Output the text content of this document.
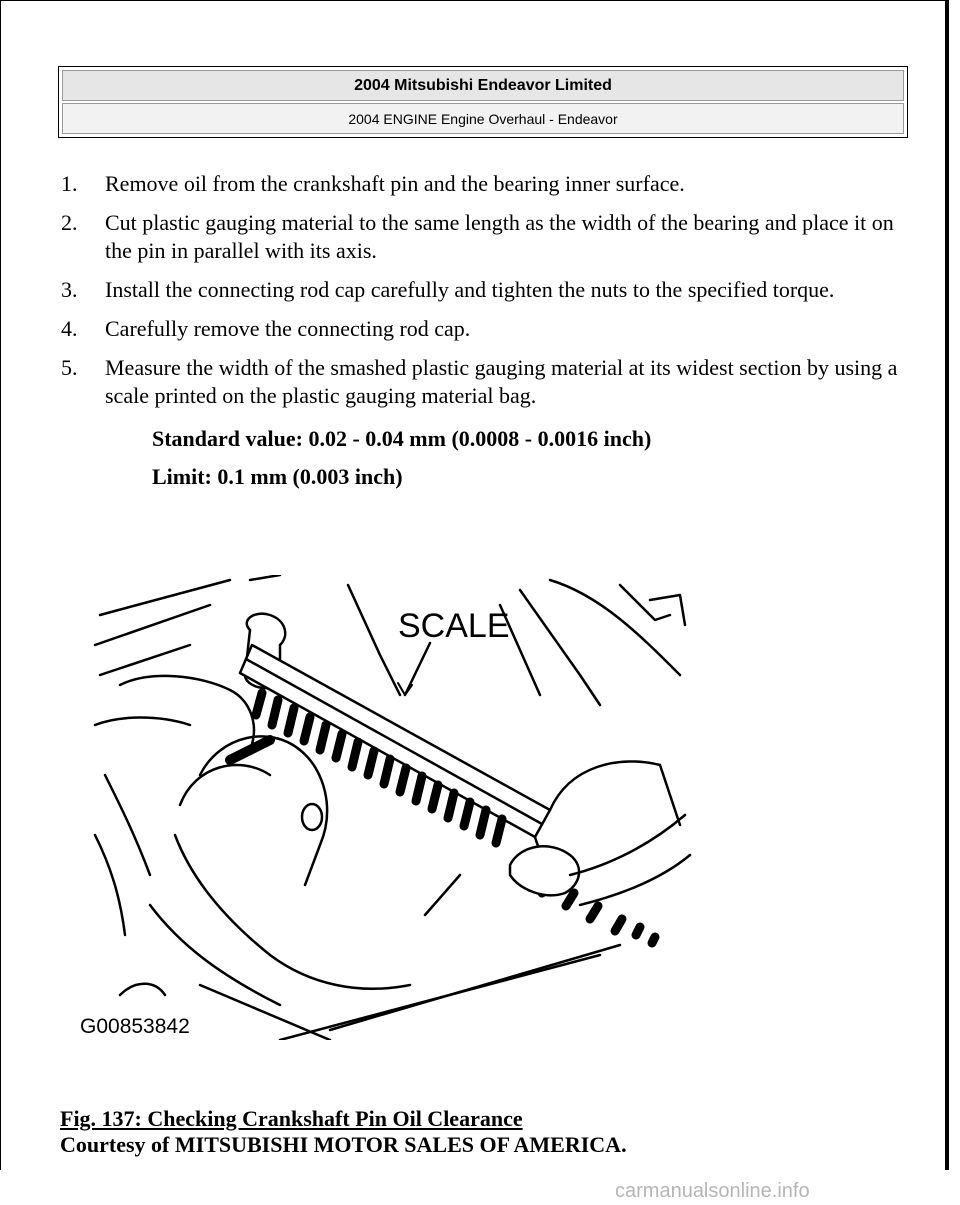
2004 Mitsubishi Endeavor Limited
2004 ENGINE Engine Overhaul - Endeavor
1. Remove oil from the crankshaft pin and the bearing inner surface.
2. Cut plastic gauging material to the same length as the width of the bearing and place it on the pin in parallel with its axis.
3. Install the connecting rod cap carefully and tighten the nuts to the specified torque.
4. Carefully remove the connecting rod cap.
5. Measure the width of the smashed plastic gauging material at its widest section by using a scale printed on the plastic gauging material bag.
Standard value: 0.02 - 0.04 mm (0.0008 - 0.0016 inch)
Limit: 0.1 mm (0.003 inch)
SCALE
G00853842
Fig. 137: Checking Crankshaft Pin Oil Clearance
Courtesy of MITSUBISHI MOTOR SALES OF AMERICA.
carmanualsonline.info
